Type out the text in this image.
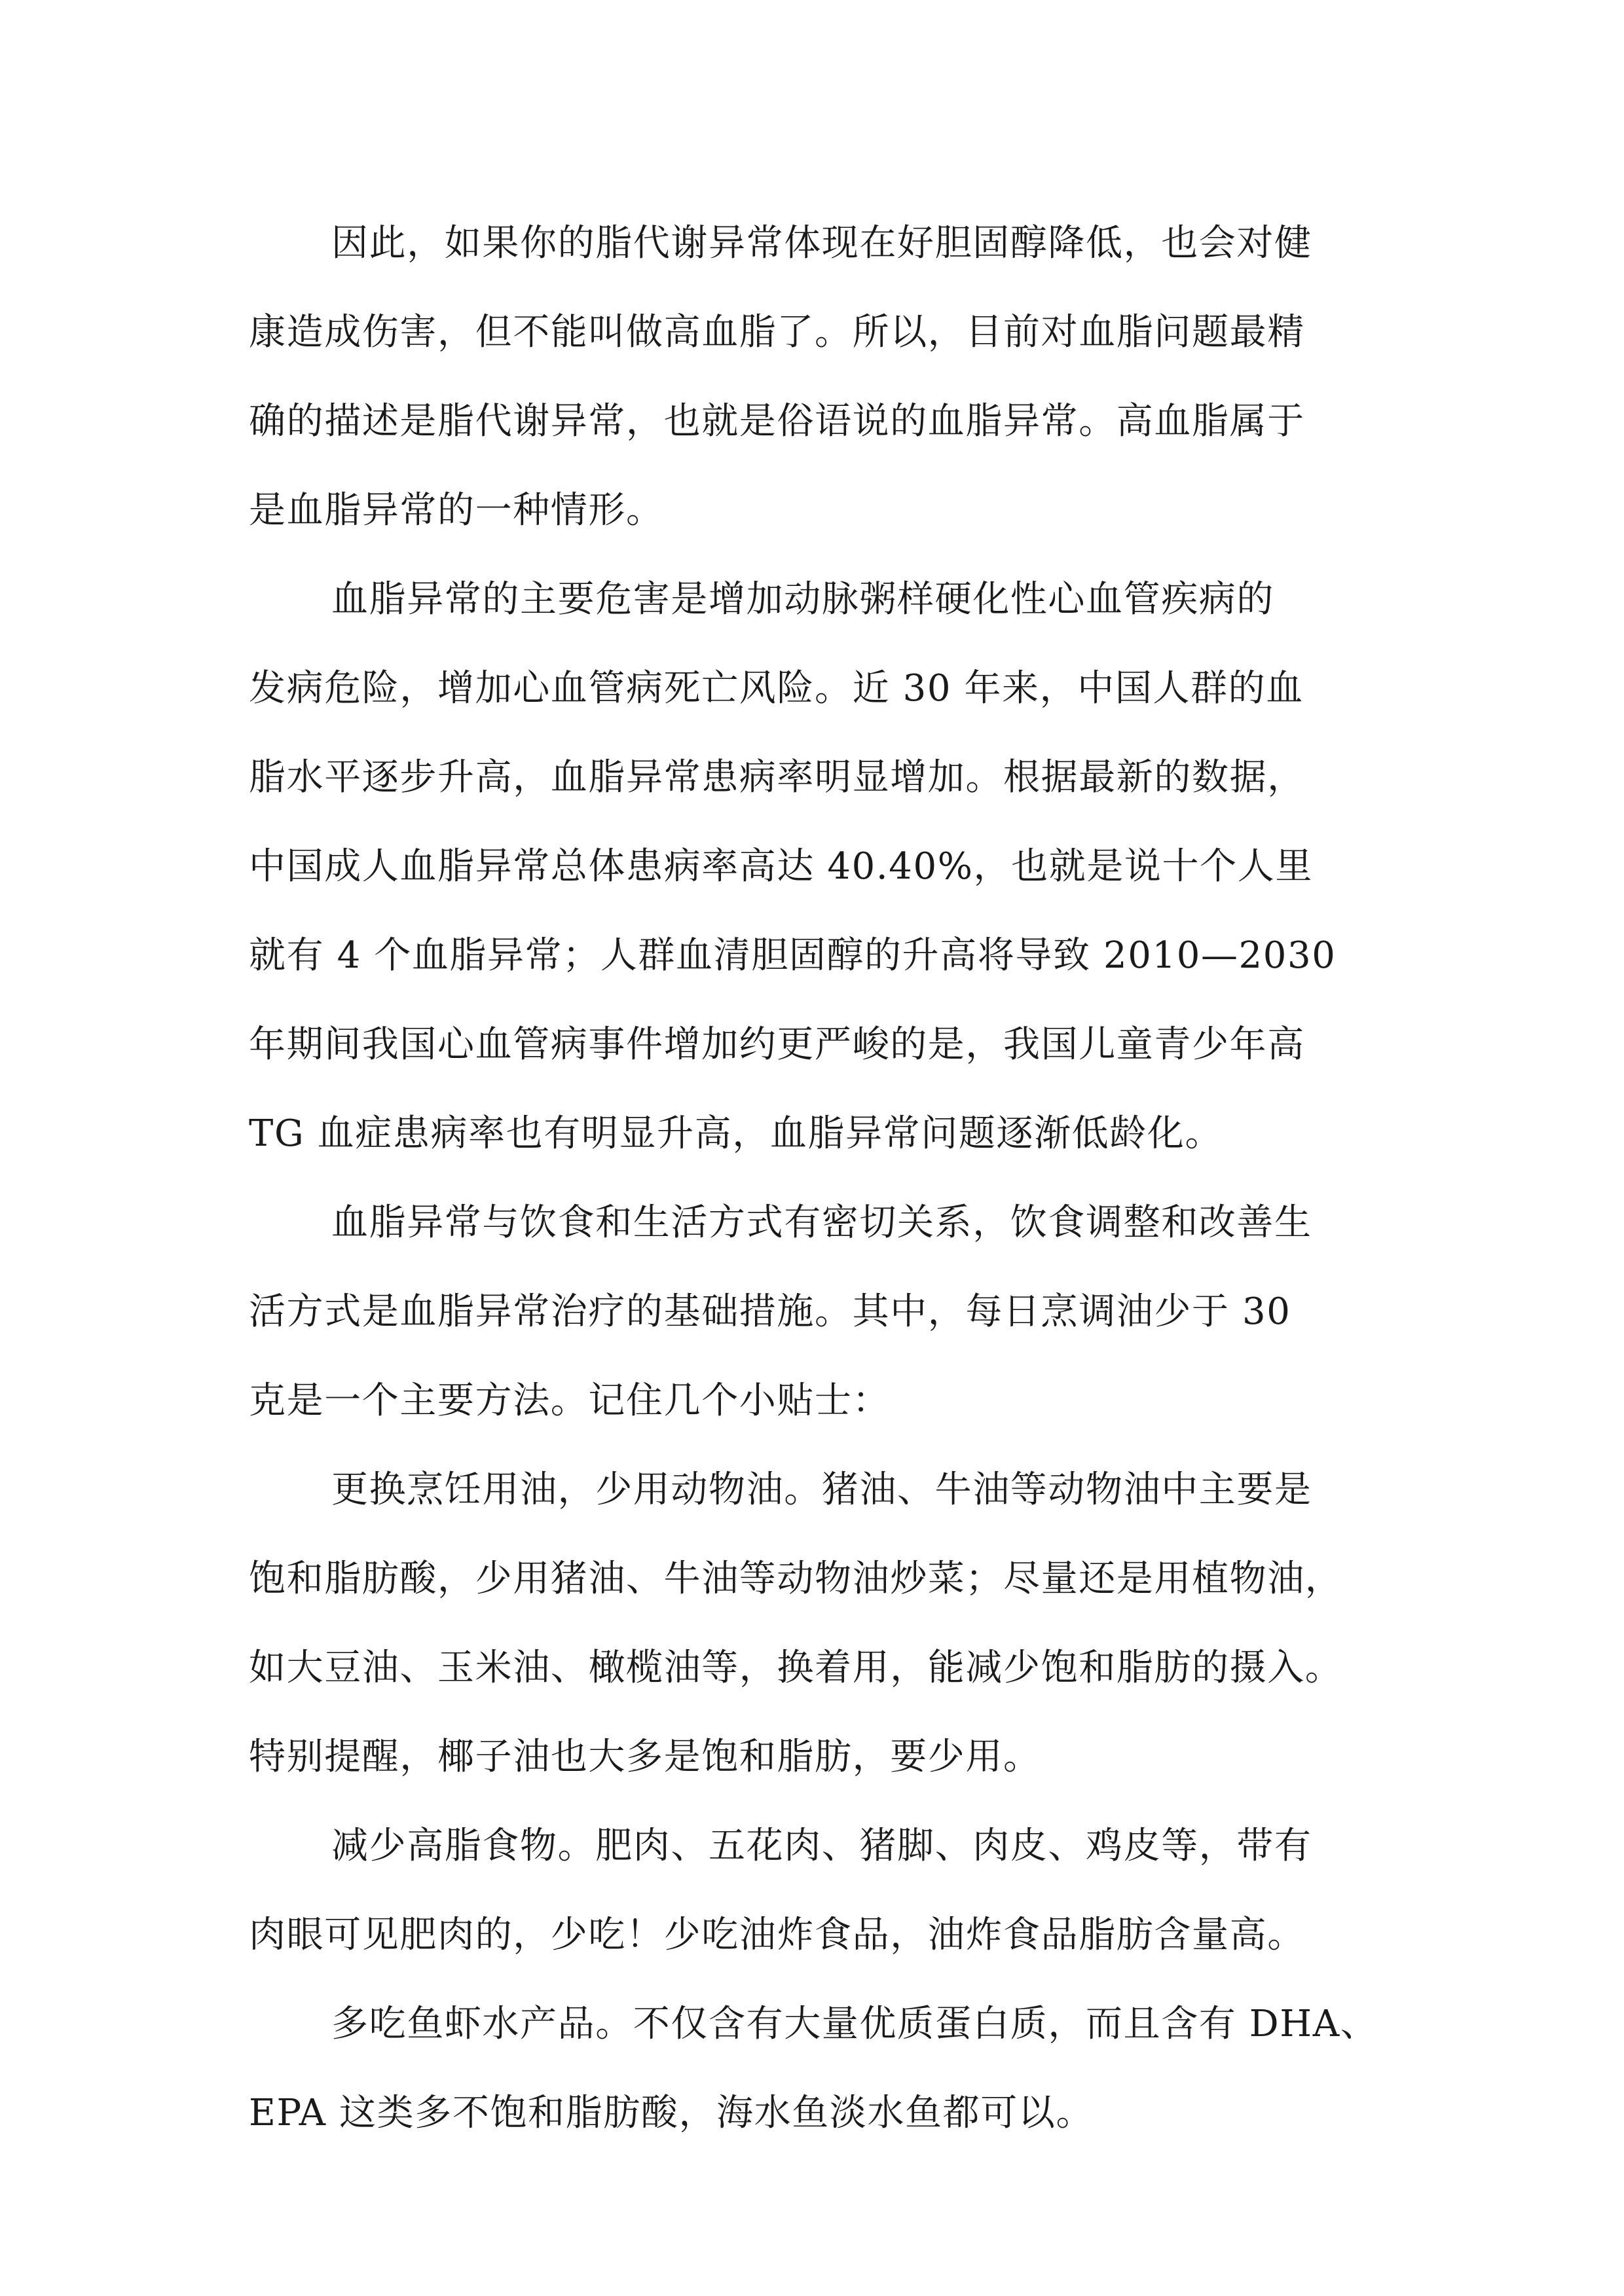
因此，如果你的脂代谢异常体现在好胆固醇降低，也会对健
康造成伤害，但不能叫做高血脂了。所以，目前对血脂问题最精
确的描述是脂代谢异常，也就是俗语说的血脂异常。高血脂属于
是血脂异常的一种情形。
血脂异常的主要危害是增加动脉粥样硬化性心血管疾病的
发病危险，增加心血管病死亡风险。近 30 年来，中国人群的血
脂水平逐步升高，血脂异常患病率明显增加。根据最新的数据，
中国成人血脂异常总体患病率高达 40.40%，也就是说十个人里
就有 4 个血脂异常；人群血清胆固醇的升高将导致 2010—2030
年期间我国心血管病事件增加约更严峻的是，我国儿童青少年高
TG 血症患病率也有明显升高，血脂异常问题逐渐低龄化。
血脂异常与饮食和生活方式有密切关系，饮食调整和改善生
活方式是血脂异常治疗的基础措施。其中，每日烹调油少于 30
克是一个主要方法。记住几个小贴士：
更换烹饪用油，少用动物油。猪油、牛油等动物油中主要是
饱和脂肪酸，少用猪油、牛油等动物油炒菜；尽量还是用植物油，
如大豆油、玉米油、橄榄油等，换着用，能减少饱和脂肪的摄入。
特别提醒，椰子油也大多是饱和脂肪，要少用。
减少高脂食物。肥肉、五花肉、猪脚、肉皮、鸡皮等，带有
肉眼可见肥肉的，少吃！少吃油炸食品，油炸食品脂肪含量高。
多吃鱼虾水产品。不仅含有大量优质蛋白质，而且含有 DHA、
EPA 这类多不饱和脂肪酸，海水鱼淡水鱼都可以。
